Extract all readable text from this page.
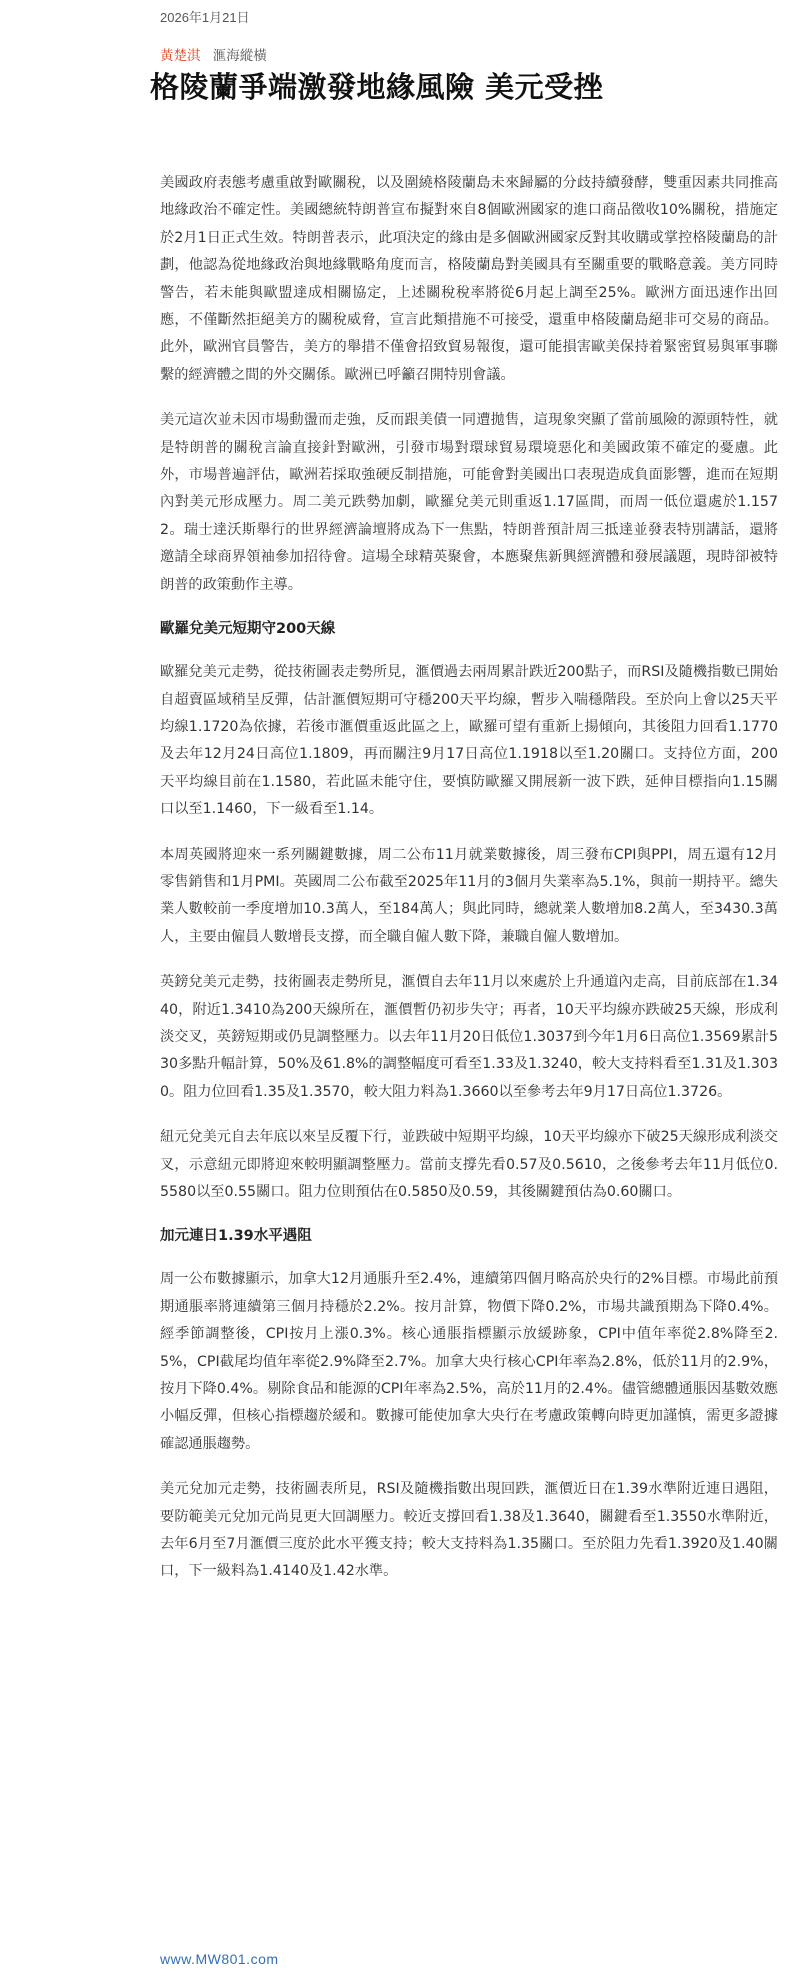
2026年1月21日
黃楚淇 滙海縱橫
格陵蘭爭端激發地緣風險 美元受挫

美國政府表態考慮重啟對歐關稅，以及圍繞格陵蘭島未來歸屬的分歧持續發酵，雙重因素共同推高地緣政治不確定性。美國總統特朗普宣布擬對來自8個歐洲國家的進口商品徵收10%關稅，措施定於2月1日正式生效。特朗普表示，此項決定的緣由是多個歐洲國家反對其收購或掌控格陵蘭島的計劃，他認為從地緣政治與地緣戰略角度而言，格陵蘭島對美國具有至關重要的戰略意義。美方同時警告，若未能與歐盟達成相關協定，上述關稅稅率將從6月起上調至25%。歐洲方面迅速作出回應，不僅斷然拒絕美方的關稅威脅，宣言此類措施不可接受，還重申格陵蘭島絕非可交易的商品。此外，歐洲官員警告，美方的舉措不僅會招致貿易報復，還可能損害歐美保持着緊密貿易與軍事聯繫的經濟體之間的外交關係。歐洲已呼籲召開特別會議。

美元這次並未因市場動盪而走強，反而跟美債一同遭拋售，這現象突顯了當前風險的源頭特性，就是特朗普的關稅言論直接針對歐洲，引發市場對環球貿易環境惡化和美國政策不確定的憂慮。此外，市場普遍評估，歐洲若採取強硬反制措施，可能會對美國出口表現造成負面影響，進而在短期內對美元形成壓力。周二美元跌勢加劇，歐羅兌美元則重返1.17區間，而周一低位還處於1.1572。瑞士達沃斯舉行的世界經濟論壇將成為下一焦點，特朗普預計周三抵達並發表特別講話，還將邀請全球商界領袖參加招待會。這場全球精英聚會，本應聚焦新興經濟體和發展議題，現時卻被特朗普的政策動作主導。

歐羅兌美元短期守200天線

歐羅兌美元走勢，從技術圖表走勢所見，滙價過去兩周累計跌近200點子，而RSI及隨機指數已開始自超賣區域稍呈反彈，估計滙價短期可守穩200天平均線，暫步入喘穩階段。至於向上會以25天平均線1.1720為依據，若後市滙價重返此區之上，歐羅可望有重新上揚傾向，其後阻力回看1.1770及去年12月24日高位1.1809，再而關注9月17日高位1.1918以至1.20關口。支持位方面，200天平均線目前在1.1580，若此區未能守住，要慎防歐羅又開展新一波下跌，延伸目標指向1.15關口以至1.1460，下一級看至1.14。

本周英國將迎來一系列關鍵數據，周二公布11月就業數據後，周三發布CPI與PPI，周五還有12月零售銷售和1月PMI。英國周二公布截至2025年11月的3個月失業率為5.1%，與前一期持平。總失業人數較前一季度增加10.3萬人，至184萬人；與此同時，總就業人數增加8.2萬人，至3430.3萬人，主要由僱員人數增長支撐，而全職自僱人數下降，兼職自僱人數增加。

英鎊兌美元走勢，技術圖表走勢所見，滙價自去年11月以來處於上升通道內走高，目前底部在1.3440，附近1.3410為200天線所在，滙價暫仍初步失守；再者，10天平均線亦跌破25天線，形成利淡交叉，英鎊短期或仍見調整壓力。以去年11月20日低位1.3037到今年1月6日高位1.3569累計530多點升幅計算，50%及61.8%的調整幅度可看至1.33及1.3240，較大支持料看至1.31及1.3030。阻力位回看1.35及1.3570，較大阻力料為1.3660以至參考去年9月17日高位1.3726。

紐元兌美元自去年底以來呈反覆下行，並跌破中短期平均線，10天平均線亦下破25天線形成利淡交叉，示意紐元即將迎來較明顯調整壓力。當前支撐先看0.57及0.5610，之後參考去年11月低位0.5580以至0.55關口。阻力位則預估在0.5850及0.59，其後關鍵預估為0.60關口。

加元連日1.39水平遇阻

周一公布數據顯示，加拿大12月通脹升至2.4%，連續第四個月略高於央行的2%目標。市場此前預期通脹率將連續第三個月持穩於2.2%。按月計算，物價下降0.2%，市場共識預期為下降0.4%。經季節調整後，CPI按月上漲0.3%。核心通脹指標顯示放緩跡象，CPI中值年率從2.8%降至2.5%，CPI截尾均值年率從2.9%降至2.7%。加拿大央行核心CPI年率為2.8%，低於11月的2.9%，按月下降0.4%。剔除食品和能源的CPI年率為2.5%，高於11月的2.4%。儘管總體通脹因基數效應小幅反彈，但核心指標趨於緩和。數據可能使加拿大央行在考慮政策轉向時更加謹慎，需更多證據確認通脹趨勢。

美元兌加元走勢，技術圖表所見，RSI及隨機指數出現回跌，滙價近日在1.39水準附近連日遇阻，要防範美元兌加元尚見更大回調壓力。較近支撐回看1.38及1.3640，關鍵看至1.3550水準附近，去年6月至7月滙價三度於此水平獲支持；較大支持料為1.35關口。至於阻力先看1.3920及1.40關口，下一級料為1.4140及1.42水準。

www.MW801.com
